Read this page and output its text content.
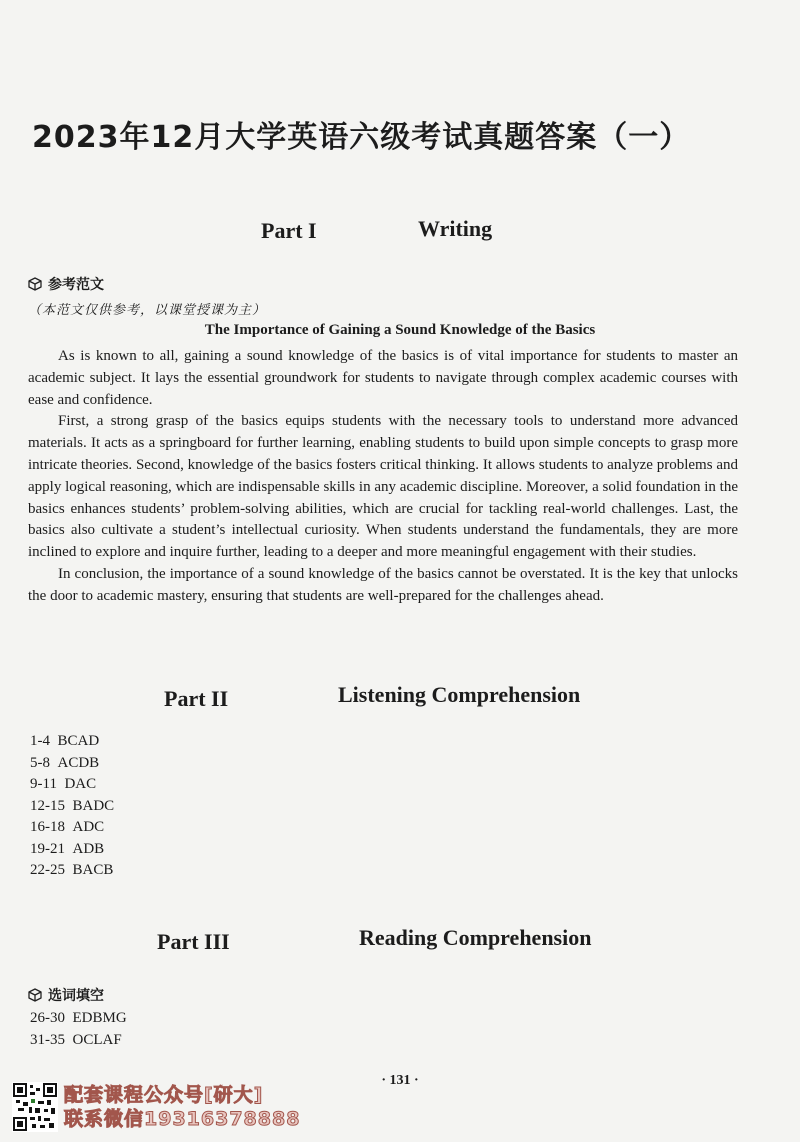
2023年12月大学英语六级考试真题答案（一）
Part I	Writing
参考范文
（本范文仅供参考，以课堂授课为主）
The Importance of Gaining a Sound Knowledge of the Basics

As is known to all, gaining a sound knowledge of the basics is of vital importance for students to master an academic subject. It lays the essential groundwork for students to navigate through complex academic courses with ease and confidence.

First, a strong grasp of the basics equips students with the necessary tools to understand more advanced materials. It acts as a springboard for further learning, enabling students to build upon simple concepts to grasp more intricate theories. Second, knowledge of the basics fosters critical thinking. It allows students to analyze problems and apply logical reasoning, which are indispensable skills in any academic discipline. Moreover, a solid foundation in the basics enhances students’ problem-solving abilities, which are crucial for tackling real-world challenges. Last, the basics also cultivate a student’s intellectual curiosity. When students understand the fundamentals, they are more inclined to explore and inquire further, leading to a deeper and more meaningful engagement with their studies.

In conclusion, the importance of a sound knowledge of the basics cannot be overstated. It is the key that unlocks the door to academic mastery, ensuring that students are well-prepared for the challenges ahead.

Part II	Listening Comprehension
1-4 BCAD
5-8 ACDB
9-11 DAC
12-15 BADC
16-18 ADC
19-21 ADB
22-25 BACB
Part III	Reading Comprehension
选词填空
26-30 EDBMG
31-35 OCLAF
· 131 ·
配套课程公众号[研大]
联系微信19316378888
